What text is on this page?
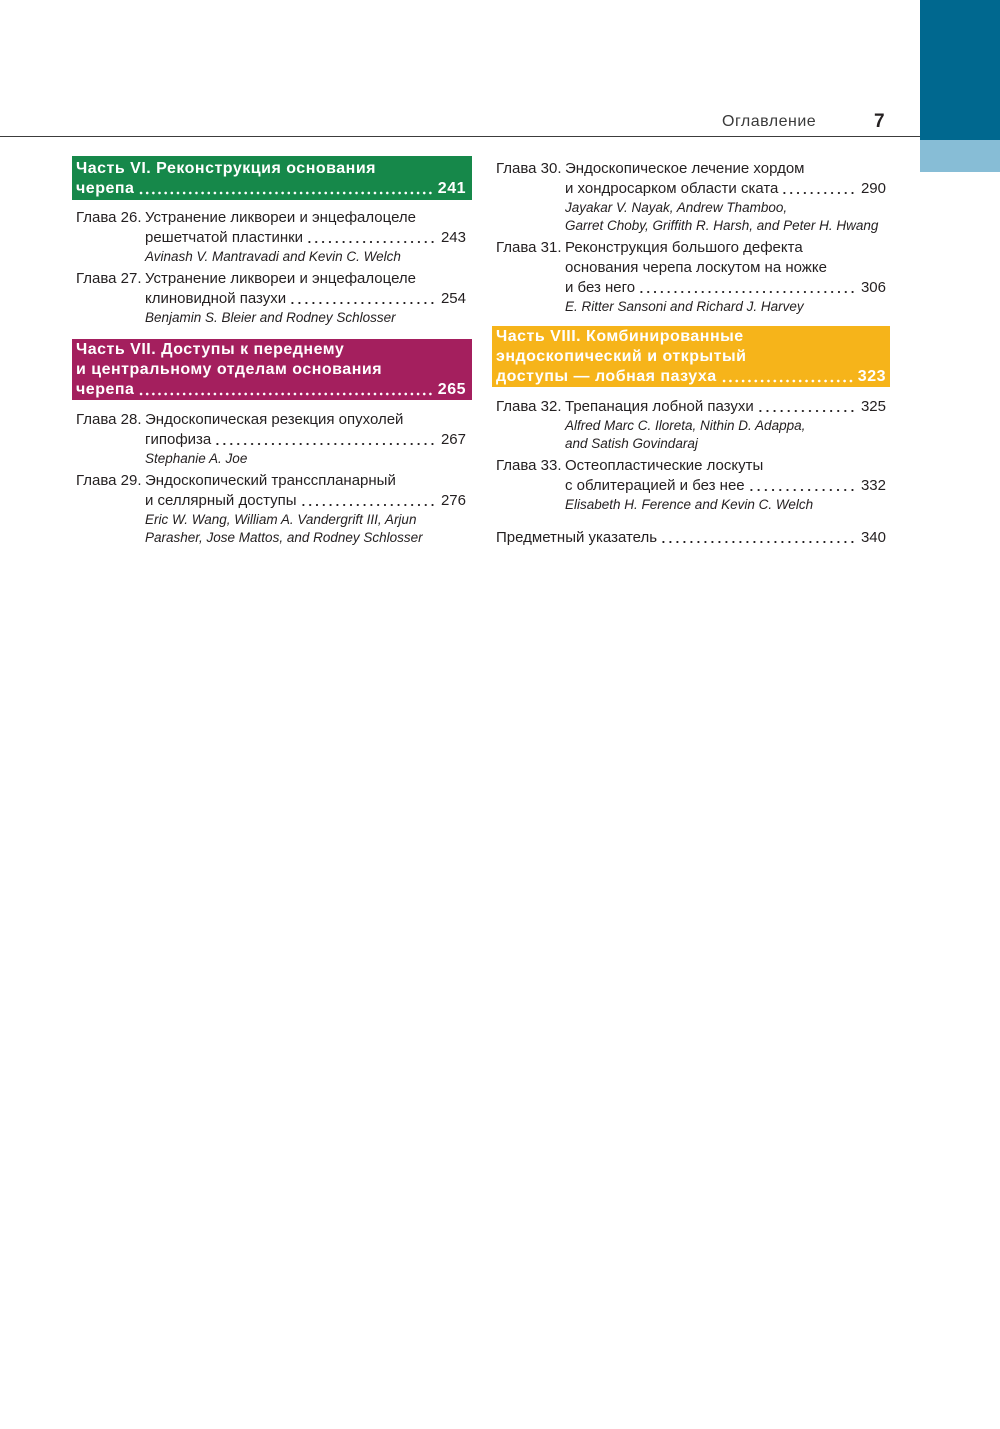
Оглавление	7
Часть VI. Реконструкция основания
черепа	241
Глава 26. Устранение ликвореи и энцефалоцеле
решетчатой пластинки	243
Avinash V. Mantravadi and Kevin C. Welch
Глава 27. Устранение ликвореи и энцефалоцеле
клиновидной пазухи	254
Benjamin S. Bleier and Rodney Schlosser
Часть VII. Доступы к переднему
и центральному отделам основания
черепа	265
Глава 28. Эндоскопическая резекция опухолей
гипофиза	267
Stephanie A. Joe
Глава 29. Эндоскопический трансспланарный
и селлярный доступы	276
Eric W. Wang, William A. Vandergrift III, Arjun
Parasher, Jose Mattos, and Rodney Schlosser
Глава 30. Эндоскопическое лечение хордом
и хондросарком области ската	290
Jayakar V. Nayak, Andrew Thamboo,
Garret Choby, Griffith R. Harsh, and Peter H. Hwang
Глава 31. Реконструкция большого дефекта
основания черепа лоскутом на ножке
и без него	306
E. Ritter Sansoni and Richard J. Harvey
Часть VIII. Комбинированные
эндоскопический и открытый
доступы — лобная пазуха	323
Глава 32. Трепанация лобной пазухи	325
Alfred Marc C. Iloreta, Nithin D. Adappa,
and Satish Govindaraj
Глава 33. Остеопластические лоскуты
с облитерацией и без нее	332
Elisabeth H. Ference and Kevin C. Welch
Предметный указатель	340
